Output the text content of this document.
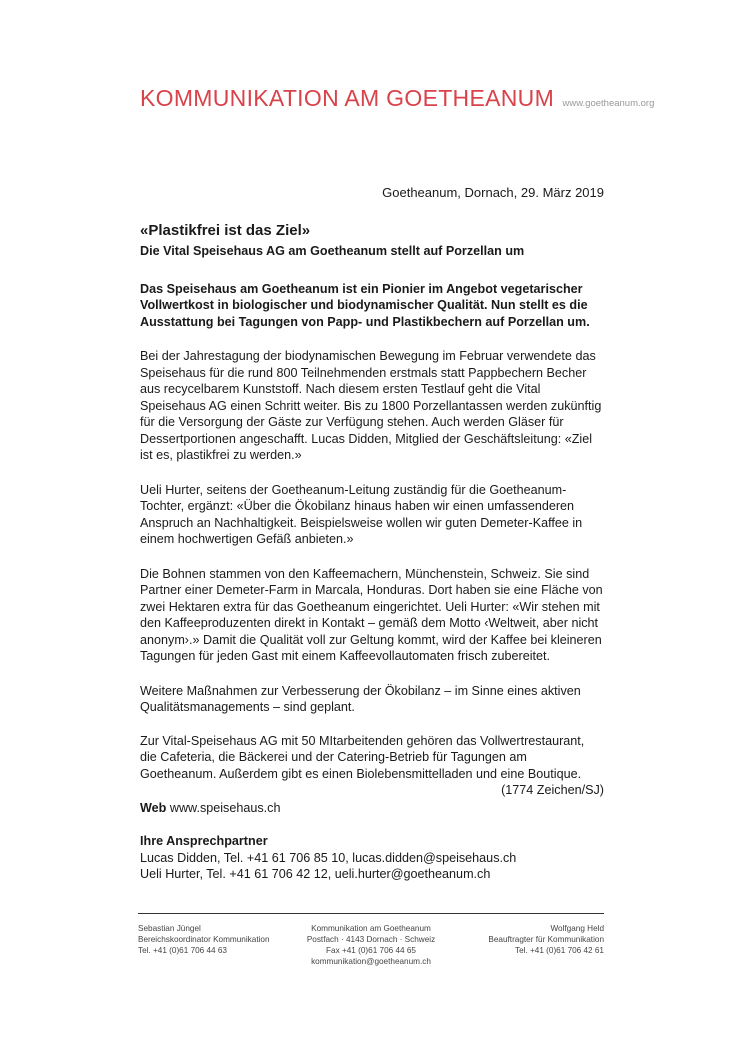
KOMMUNIKATION AM GOETHEANUM www.goetheanum.org
Goetheanum, Dornach, 29. März 2019

«Plastikfrei ist das Ziel»

Die Vital Speisehaus AG am Goetheanum stellt auf Porzellan um

Das Speisehaus am Goetheanum ist ein Pionier im Angebot vegetarischer Vollwertkost in biologischer und biodynamischer Qualität. Nun stellt es die Ausstattung bei Tagungen von Papp- und Plastikbechern auf Porzellan um.

Bei der Jahrestagung der biodynamischen Bewegung im Februar verwendete das Speisehaus für die rund 800 Teilnehmenden erstmals statt Pappbechern Becher aus recycelbarem Kunststoff. Nach diesem ersten Testlauf geht die Vital Speisehaus AG einen Schritt weiter. Bis zu 1800 Porzellantassen werden zukünftig für die Versorgung der Gäste zur Verfügung stehen. Auch werden Gläser für Dessertportionen angeschafft. Lucas Didden, Mitglied der Geschäftsleitung: «Ziel ist es, plastikfrei zu werden.»

Ueli Hurter, seitens der Goetheanum-Leitung zuständig für die Goetheanum-Tochter, ergänzt: «Über die Ökobilanz hinaus haben wir einen umfassenderen Anspruch an Nachhaltigkeit. Beispielsweise wollen wir guten Demeter-Kaffee in einem hochwertigen Gefäß anbieten.»

Die Bohnen stammen von den Kaffeemachern, Münchenstein, Schweiz. Sie sind Partner einer Demeter-Farm in Marcala, Honduras. Dort haben sie eine Fläche von zwei Hektaren extra für das Goetheanum eingerichtet. Ueli Hurter: «Wir stehen mit den Kaffeeproduzenten direkt in Kontakt – gemäß dem Motto ‹Weltweit, aber nicht anonym›.» Damit die Qualität voll zur Geltung kommt, wird der Kaffee bei kleineren Tagungen für jeden Gast mit einem Kaffeevollautomaten frisch zubereitet.

Weitere Maßnahmen zur Verbesserung der Ökobilanz – im Sinne eines aktiven Qualitätsmanagements – sind geplant.

Zur Vital-Speisehaus AG mit 50 MItarbeitenden gehören das Vollwertrestaurant, die Cafeteria, die Bäckerei und der Catering-Betrieb für Tagungen am Goetheanum. Außerdem gibt es einen Biolebensmittelladen und eine Boutique.

(1774 Zeichen/SJ)

Web www.speisehaus.ch

Ihre Ansprechpartner
Lucas Didden, Tel. +41 61 706 85 10, lucas.didden@speisehaus.ch
Ueli Hurter, Tel. +41 61 706 42 12, ueli.hurter@goetheanum.ch
Sebastian Jüngel
Bereichskoordinator Kommunikation
Tel. +41 (0)61 706 44 63
Kommunikation am Goetheanum
Postfach · 4143 Dornach · Schweiz
Fax +41 (0)61 706 44 65
kommunikation@goetheanum.ch
Wolfgang Held
Beauftragter für Kommunikation
Tel. +41 (0)61 706 42 61
